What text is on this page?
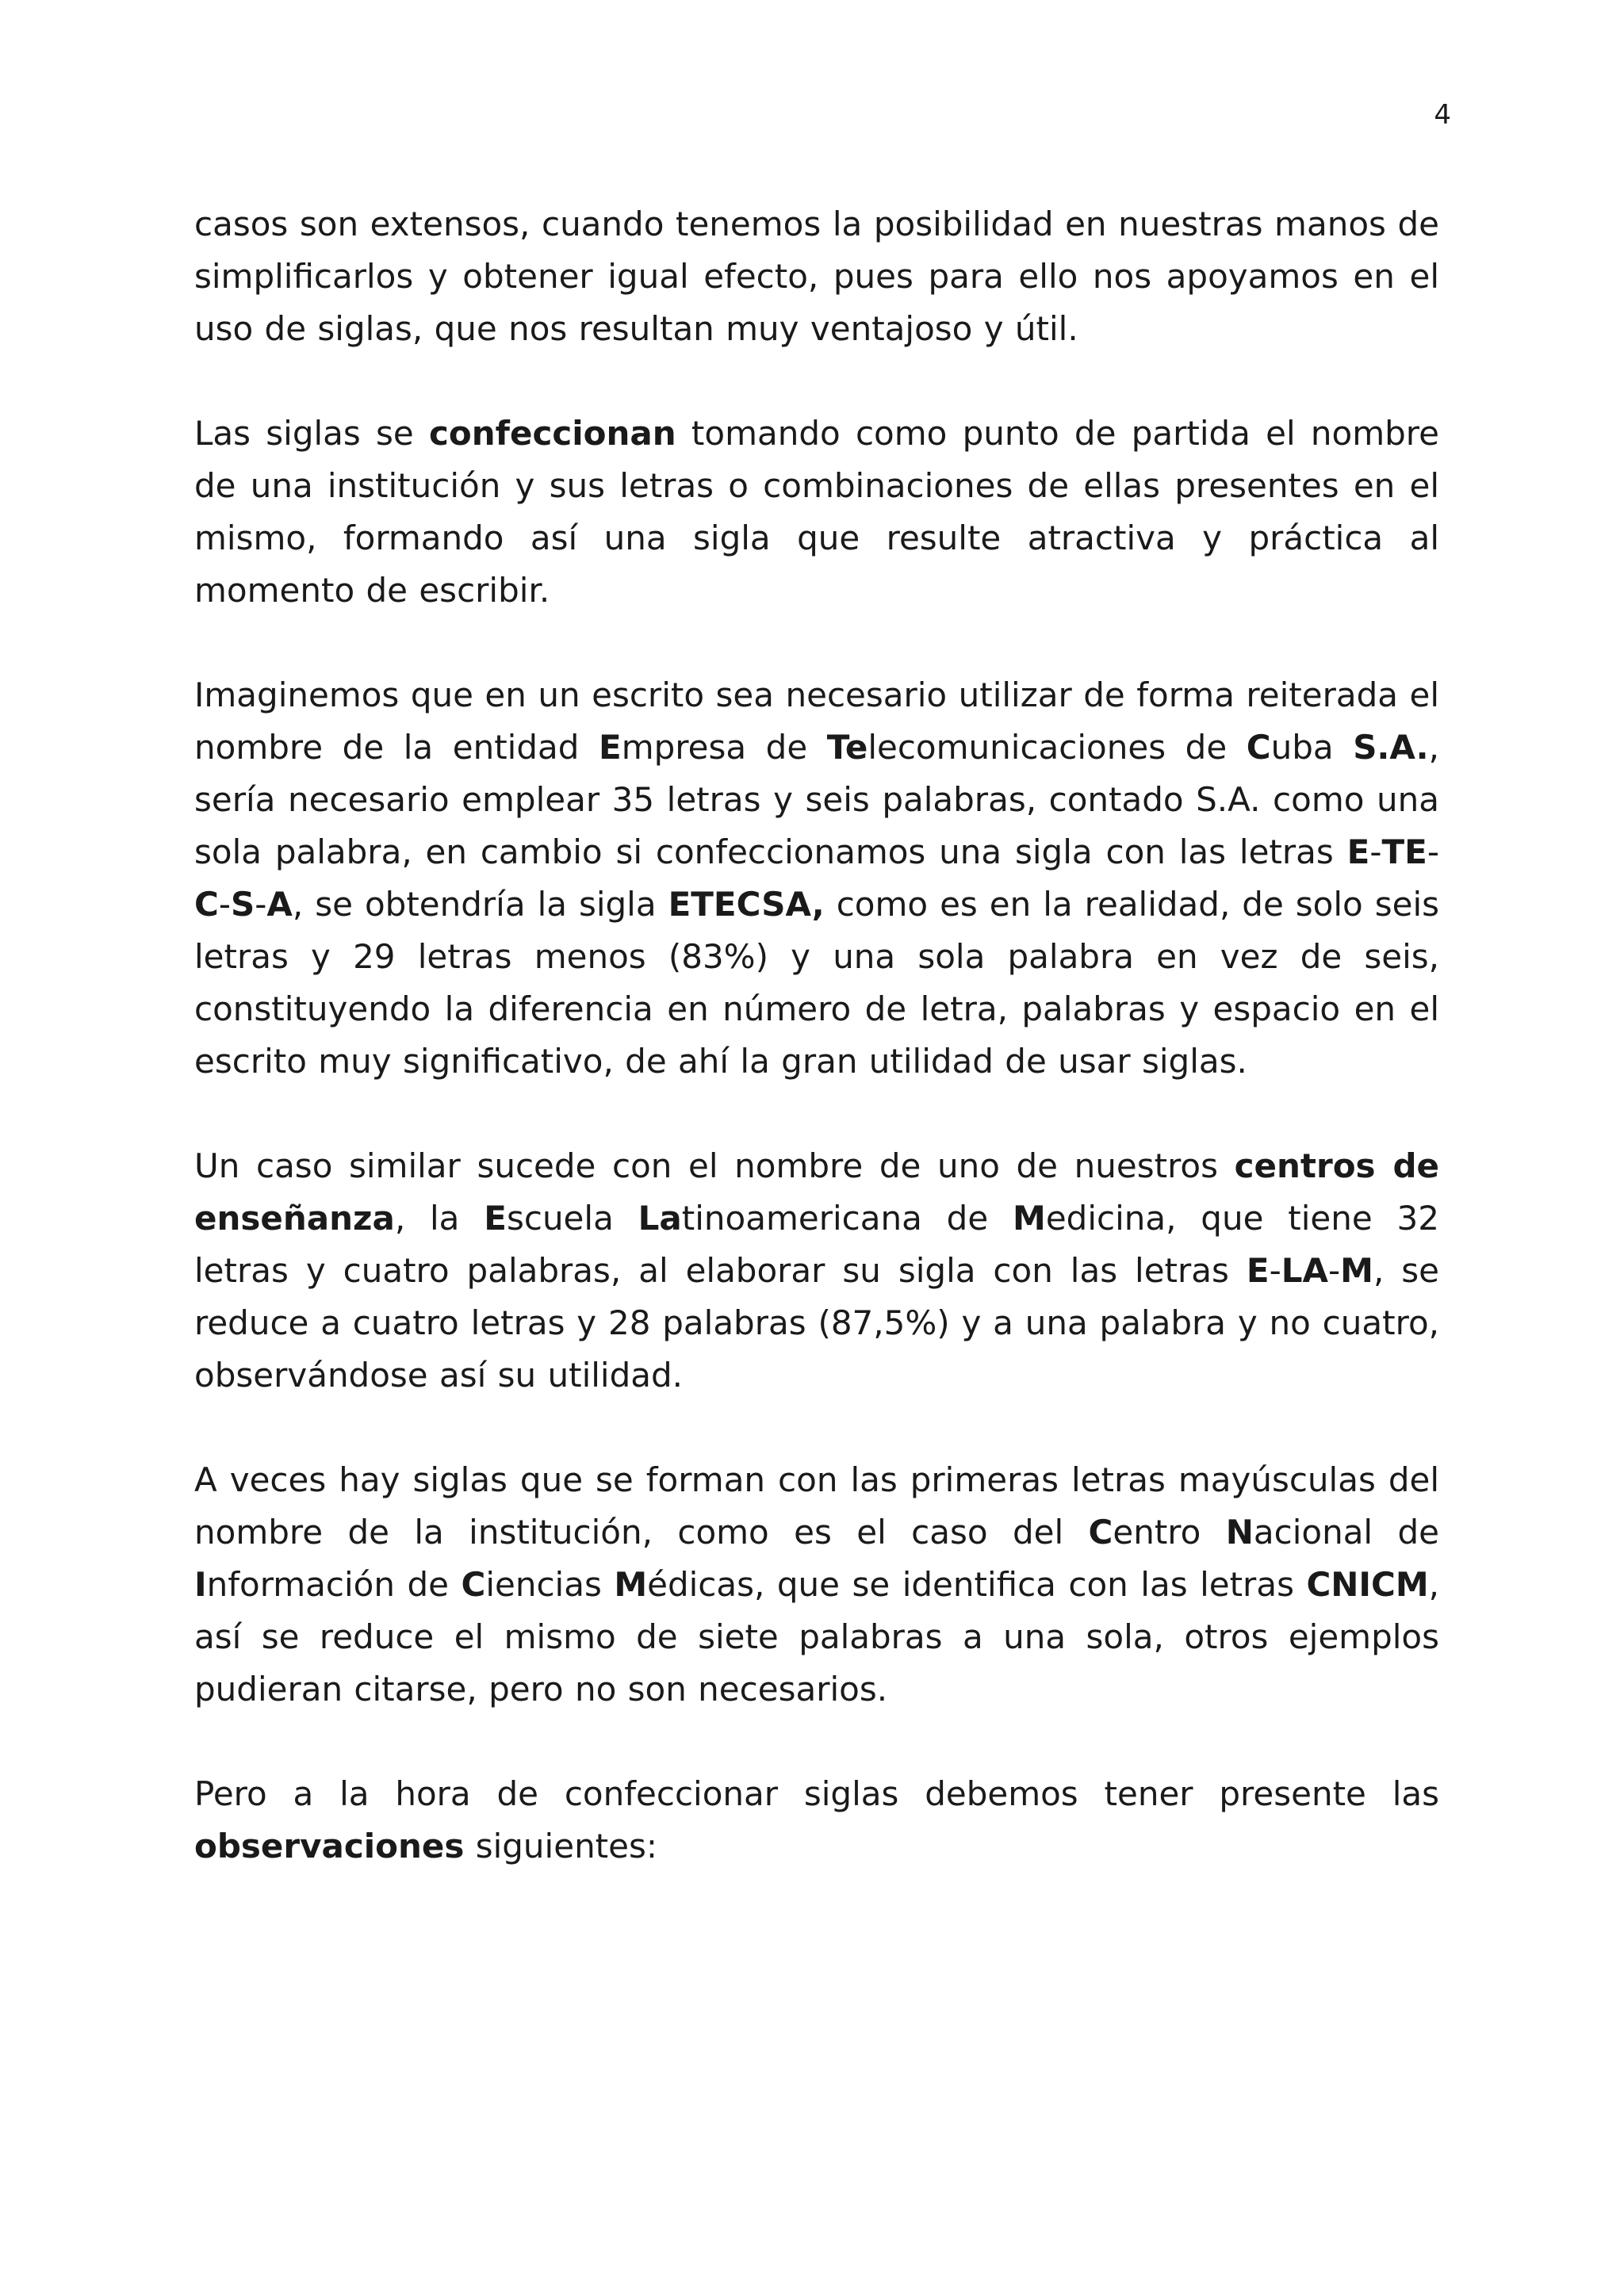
4

casos son extensos, cuando tenemos la posibilidad en nuestras manos de simplificarlos y obtener igual efecto, pues para ello nos apoyamos en el uso de siglas, que nos resultan muy ventajoso y útil.

Las siglas se confeccionan tomando como punto de partida el nombre de una institución y sus letras o combinaciones de ellas presentes en el mismo, formando así una sigla que resulte atractiva y práctica al momento de escribir.

Imaginemos que en un escrito sea necesario utilizar de forma reiterada el nombre de la entidad Empresa de Telecomunicaciones de Cuba S.A., sería necesario emplear 35 letras y seis palabras, contado S.A. como una sola palabra, en cambio si confeccionamos una sigla con las letras E-TE-C-S-A, se obtendría la sigla ETECSA, como es en la realidad, de solo seis letras y 29 letras menos (83%) y una sola palabra en vez de seis, constituyendo la diferencia en número de letra, palabras y espacio en el escrito muy significativo, de ahí la gran utilidad de usar siglas.

Un caso similar sucede con el nombre de uno de nuestros centros de enseñanza, la Escuela Latinoamericana de Medicina, que tiene 32 letras y cuatro palabras, al elaborar su sigla con las letras E-LA-M, se reduce a cuatro letras y 28 palabras (87,5%) y a una palabra y no cuatro, observándose así su utilidad.

A veces hay siglas que se forman con las primeras letras mayúsculas del nombre de la institución, como es el caso del Centro Nacional de Información de Ciencias Médicas, que se identifica con las letras CNICM, así se reduce el mismo de siete palabras a una sola, otros ejemplos pudieran citarse, pero no son necesarios.

Pero a la hora de confeccionar siglas debemos tener presente las observaciones siguientes:
